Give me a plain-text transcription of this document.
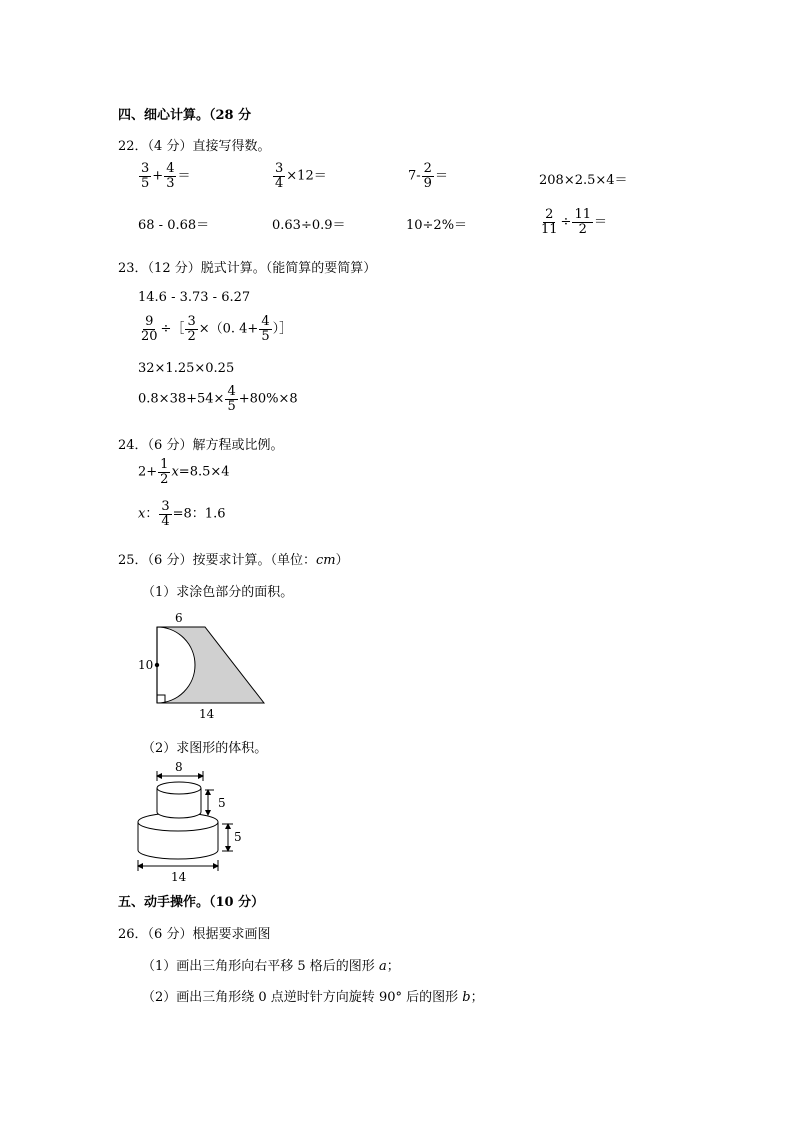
四、细心计算。（28 分
22．（4 分）直接写得数。
$\frac{3}{5} + \frac{4}{3}$ ＝	$\frac{3}{4} \times 12=$	$7- \frac{2}{9}$ ＝	208×2.5×4＝
68 - 0.68＝	0.63÷0.9＝	10÷2%＝	$\frac{2}{11} \div \frac{11}{2}$ ＝
23．（12 分）脱式计算。（能简算的要简算）
14.6 - 3.73 - 6.27
$\frac{9}{20}$ ÷［ $\frac{3}{2} \times(0$. $4+ \frac{4}{5}$ ）］
32×1.25×0.25
$0.8\times 38+54\times \frac{4}{5} +80\%\times 8$
24．（6 分）解方程或比例。
$2+ \frac{1}{2} x=8.5\times 4$
x： $\frac{3}{4} =8$：1.6
25．（6 分）按要求计算。（单位：cm）
（1）求涂色部分的面积。
6
10
14
（2）求图形的体积。
8
5
5
14
五、动手操作。（10 分）
26．（6 分）根据要求画图
（1）画出三角形向右平移 5 格后的图形 a；
（2）画出三角形绕 0 点逆时针方向旋转 90° 后的图形 b；
